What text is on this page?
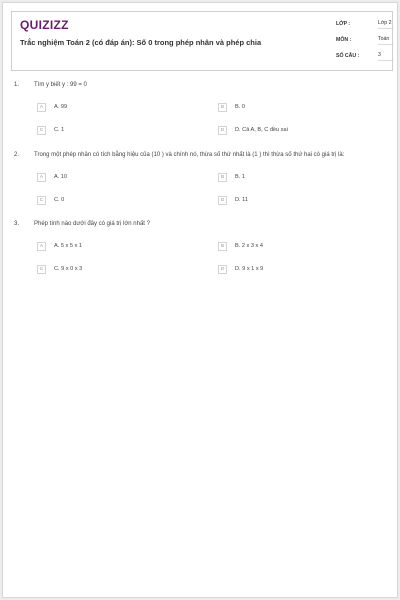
QUIZIZZ
Trắc nghiệm Toán 2 (có đáp án): Số 0 trong phép nhân và phép chia
LỚP :	Lớp 2
MÔN :	Toán
SỐ CÂU :	3
1. Tìm y biết y : 99 = 0
A	A. 99	B	B. 0
C	C. 1	D	D. Cả A, B, C đều sai
2. Trong một phép nhân có tích bằng hiệu của (10 ) và chính nó, thừa số thứ nhất là (1 ) thì thừa số thứ hai có giá trị là:
A	A. 10	B	B. 1
C	C. 0	D	D. 11
3. Phép tính nào dưới đây có giá trị lớn nhất ?
A	A. 5 x 5 x 1	B	B. 2 x 3 x 4
C	C. 9 x 0 x 3	D	D. 9 x 1 x 9
